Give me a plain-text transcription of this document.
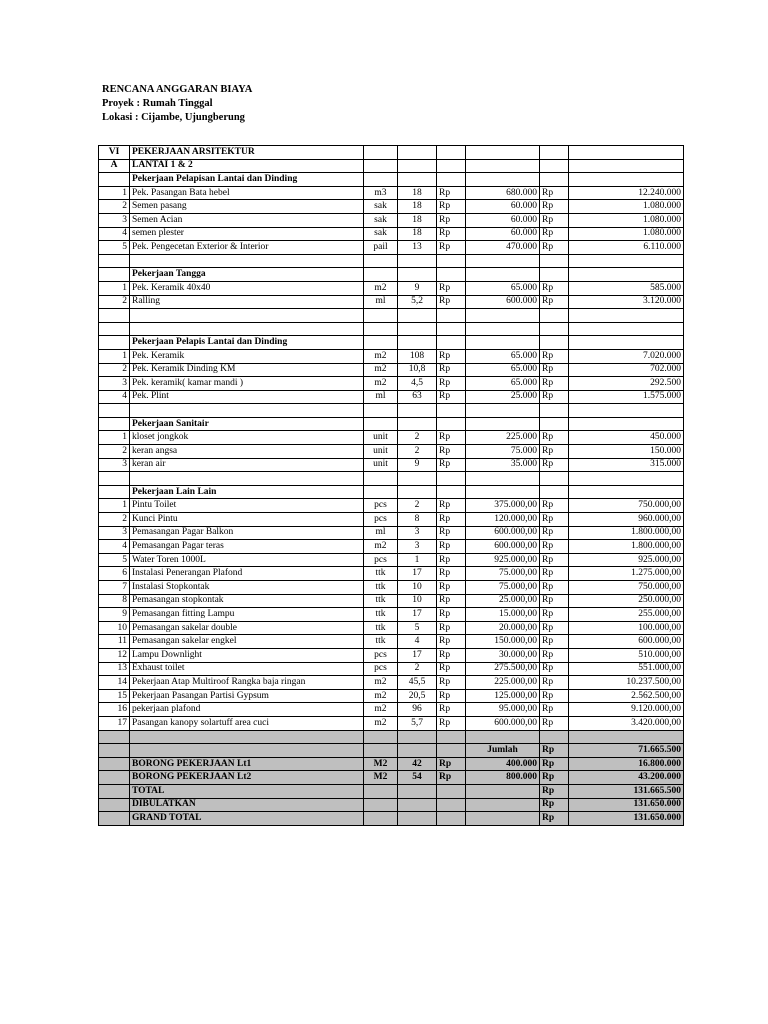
RENCANA ANGGARAN BIAYA
Proyek : Rumah Tinggal
Lokasi : Cijambe, Ujungberung
VI	PEKERJAAN ARSITEKTUR						
A	LANTAI 1 & 2						
	Pekerjaan Pelapisan Lantai dan Dinding						
1	Pek. Pasangan Bata hebel	m3	18	Rp	680.000	Rp	12.240.000
2	Semen pasang	sak	18	Rp	60.000	Rp	1.080.000
3	Semen Acian	sak	18	Rp	60.000	Rp	1.080.000
4	semen plester	sak	18	Rp	60.000	Rp	1.080.000
5	Pek. Pengecetan Exterior & Interior	pail	13	Rp	470.000	Rp	6.110.000

	Pekerjaan Tangga						
1	Pek. Keramik 40x40	m2	9	Rp	65.000	Rp	585.000
2	Ralling	ml	5,2	Rp	600.000	Rp	3.120.000

	Pekerjaan Pelapis Lantai dan Dinding						
1	Pek. Keramik	m2	108	Rp	65.000	Rp	7.020.000
2	Pek. Keramik Dinding KM	m2	10,8	Rp	65.000	Rp	702.000
3	Pek. keramik( kamar mandi )	m2	4,5	Rp	65.000	Rp	292.500
4	Pek. Plint	ml	63	Rp	25.000	Rp	1.575.000

	Pekerjaan Sanitair						
1	kloset jongkok	unit	2	Rp	225.000	Rp	450.000
2	keran angsa	unit	2	Rp	75.000	Rp	150.000
3	keran air	unit	9	Rp	35.000	Rp	315.000

	Pekerjaan Lain Lain						
1	Pintu Toilet	pcs	2	Rp	375.000,00	Rp	750.000,00
2	Kunci Pintu	pcs	8	Rp	120.000,00	Rp	960.000,00
3	Pemasangan Pagar Balkon	ml	3	Rp	600.000,00	Rp	1.800.000,00
4	Pemasangan Pagar teras	m2	3	Rp	600.000,00	Rp	1.800.000,00
5	Water Toren 1000L	pcs	1	Rp	925.000,00	Rp	925.000,00
6	Instalasi Penerangan Plafond	ttk	17	Rp	75.000,00	Rp	1.275.000,00
7	Instalasi Stopkontak	ttk	10	Rp	75.000,00	Rp	750.000,00
8	Pemasangan stopkontak	ttk	10	Rp	25.000,00	Rp	250.000,00
9	Pemasangan fitting Lampu	ttk	17	Rp	15.000,00	Rp	255.000,00
10	Pemasangan sakelar double	ttk	5	Rp	20.000,00	Rp	100.000,00
11	Pemasangan sakelar engkel	ttk	4	Rp	150.000,00	Rp	600.000,00
12	Lampu Downlight	pcs	17	Rp	30.000,00	Rp	510.000,00
13	Exhaust toilet	pcs	2	Rp	275.500,00	Rp	551.000,00
14	Pekerjaan Atap Multiroof Rangka baja ringan	m2	45,5	Rp	225.000,00	Rp	10.237.500,00
15	Pekerjaan Pasangan Partisi Gypsum	m2	20,5	Rp	125.000,00	Rp	2.562.500,00
16	pekerjaan plafond	m2	96	Rp	95.000,00	Rp	9.120.000,00
17	Pasangan kanopy solartuff area cuci	m2	5,7	Rp	600.000,00	Rp	3.420.000,00

					Jumlah	Rp	71.665.500
	BORONG PEKERJAAN Lt1	M2	42	Rp	400.000	Rp	16.800.000
	BORONG PEKERJAAN Lt2	M2	54	Rp	800.000	Rp	43.200.000
	TOTAL					Rp	131.665.500
	DIBULATKAN					Rp	131.650.000
	GRAND TOTAL					Rp	131.650.000
